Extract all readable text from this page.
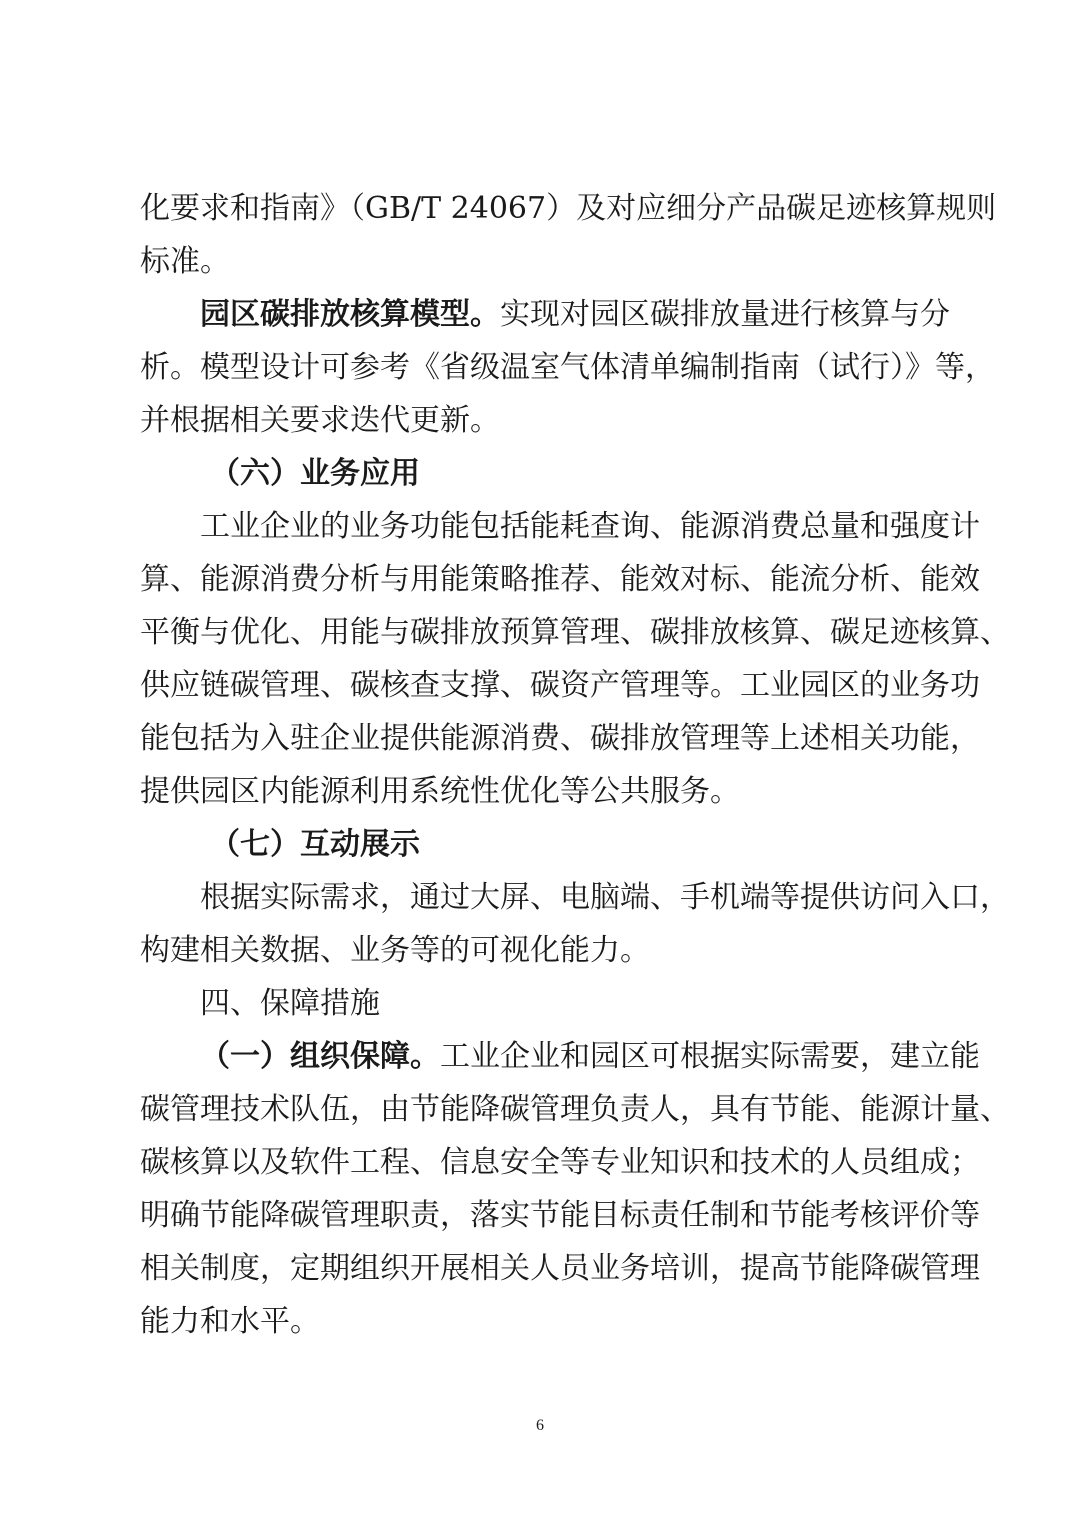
化要求和指南》（GB/T 24067）及对应细分产品碳足迹核算规则
标准。
园区碳排放核算模型。实现对园区碳排放量进行核算与分
析。模型设计可参考《省级温室气体清单编制指南（试行）》等，
并根据相关要求迭代更新。
（六）业务应用
工业企业的业务功能包括能耗查询、能源消费总量和强度计
算、能源消费分析与用能策略推荐、能效对标、能流分析、能效
平衡与优化、用能与碳排放预算管理、碳排放核算、碳足迹核算、
供应链碳管理、碳核查支撑、碳资产管理等。工业园区的业务功
能包括为入驻企业提供能源消费、碳排放管理等上述相关功能，
提供园区内能源利用系统性优化等公共服务。
（七）互动展示
根据实际需求，通过大屏、电脑端、手机端等提供访问入口，
构建相关数据、业务等的可视化能力。
四、保障措施
（一）组织保障。工业企业和园区可根据实际需要，建立能
碳管理技术队伍，由节能降碳管理负责人，具有节能、能源计量、
碳核算以及软件工程、信息安全等专业知识和技术的人员组成；
明确节能降碳管理职责，落实节能目标责任制和节能考核评价等
相关制度，定期组织开展相关人员业务培训，提高节能降碳管理
能力和水平。
6
